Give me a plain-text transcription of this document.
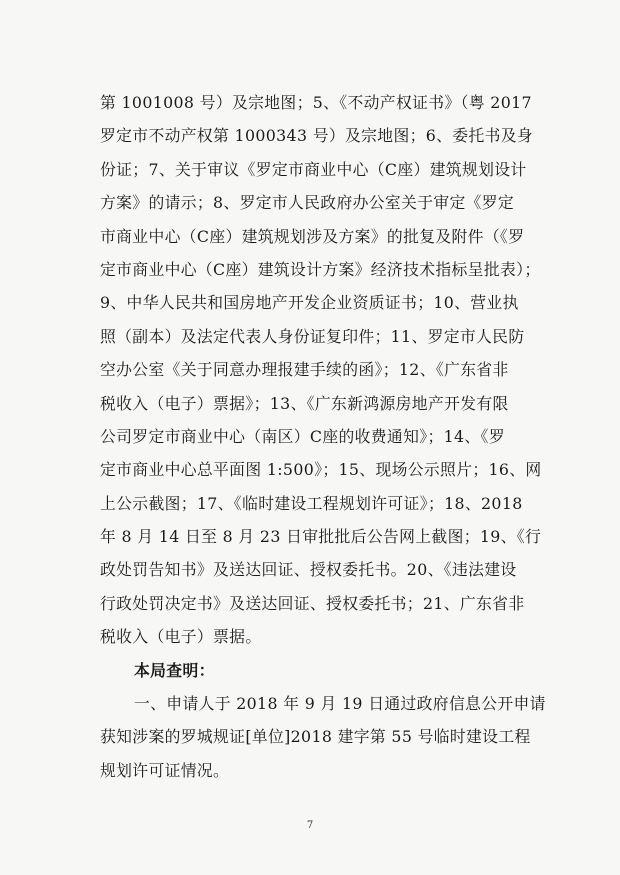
第 1001008 号）及宗地图；5、《不动产权证书》（粤 2017
罗定市不动产权第 1000343 号）及宗地图；6、委托书及身
份证；7、关于审议《罗定市商业中心（C座）建筑规划设计
方案》的请示；8、罗定市人民政府办公室关于审定《罗定
市商业中心（C座）建筑规划涉及方案》的批复及附件（《罗
定市商业中心（C座）建筑设计方案》经济技术指标呈批表）；
9、中华人民共和国房地产开发企业资质证书；10、营业执
照（副本）及法定代表人身份证复印件；11、罗定市人民防
空办公室《关于同意办理报建手续的函》；12、《广东省非
税收入（电子）票据》；13、《广东新鸿源房地产开发有限
公司罗定市商业中心（南区）C座的收费通知》；14、《罗
定市商业中心总平面图 1:500》；15、现场公示照片；16、网
上公示截图；17、《临时建设工程规划许可证》；18、2018
年 8 月 14 日至 8 月 23 日审批批后公告网上截图；19、《行
政处罚告知书》及送达回证、授权委托书。20、《违法建设
行政处罚决定书》及送达回证、授权委托书；21、广东省非
税收入（电子）票据。
本局查明：
一、申请人于 2018 年 9 月 19 日通过政府信息公开申请
获知涉案的罗城规证[单位]2018 建字第 55 号临时建设工程
规划许可证情况。
7
